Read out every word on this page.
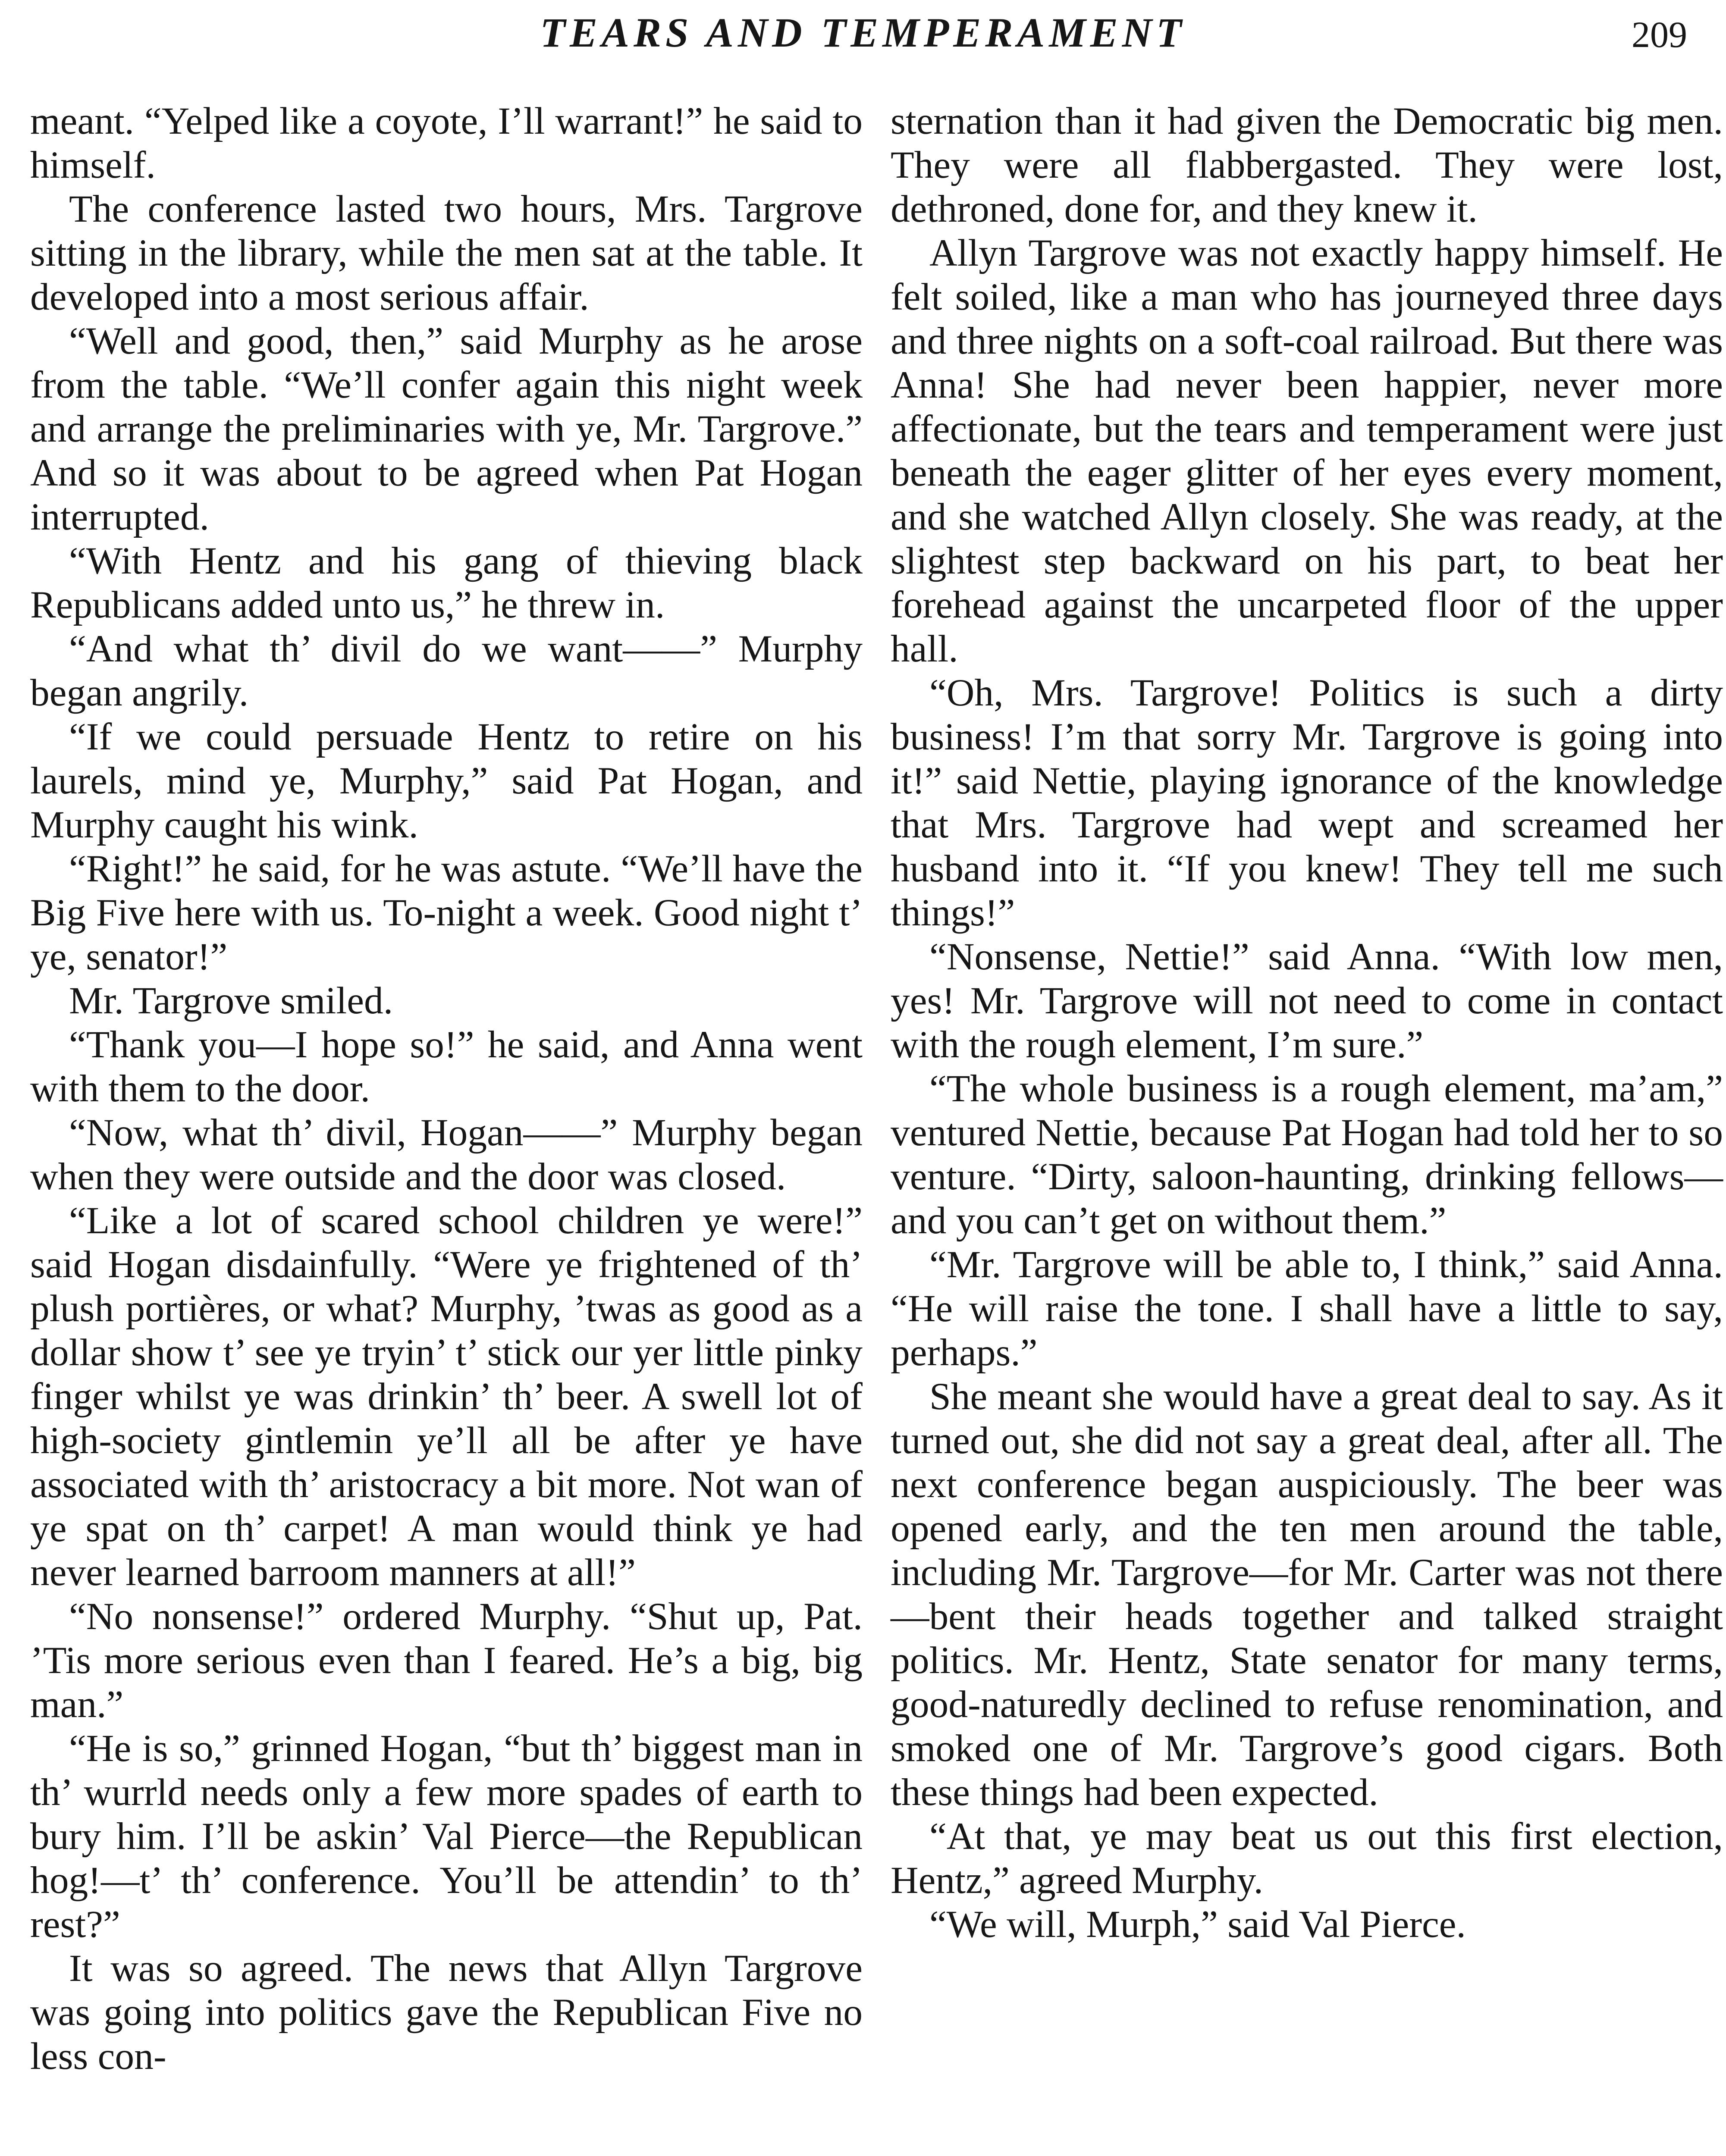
TEARS AND TEMPERAMENT	209

meant. “Yelped like a coyote, I’ll warrant!” he said to himself.

The conference lasted two hours, Mrs. Targrove sitting in the library, while the men sat at the table. It developed into a most serious affair.

“Well and good, then,” said Murphy as he arose from the table. “We’ll confer again this night week and arrange the preliminaries with ye, Mr. Targrove.” And so it was about to be agreed when Pat Hogan interrupted.

“With Hentz and his gang of thieving black Republicans added unto us,” he threw in.

“And what th’ divil do we want——” Murphy began angrily.

“If we could persuade Hentz to retire on his laurels, mind ye, Murphy,” said Pat Hogan, and Murphy caught his wink.

“Right!” he said, for he was astute. “We’ll have the Big Five here with us. To-night a week. Good night t’ ye, senator!”

Mr. Targrove smiled.

“Thank you—I hope so!” he said, and Anna went with them to the door.

“Now, what th’ divil, Hogan——” Murphy began when they were outside and the door was closed.

“Like a lot of scared school children ye were!” said Hogan disdainfully. “Were ye frightened of th’ plush portières, or what? Murphy, ’twas as good as a dollar show t’ see ye tryin’ t’ stick our yer little pinky finger whilst ye was drinkin’ th’ beer. A swell lot of high-society gintlemin ye’ll all be after ye have associated with th’ aristocracy a bit more. Not wan of ye spat on th’ carpet! A man would think ye had never learned barroom manners at all!”

“No nonsense!” ordered Murphy. “Shut up, Pat. ’Tis more serious even than I feared. He’s a big, big man.”

“He is so,” grinned Hogan, “but th’ biggest man in th’ wurrld needs only a few more spades of earth to bury him. I’ll be askin’ Val Pierce—the Republican hog!—t’ th’ conference. You’ll be attendin’ to th’ rest?”

It was so agreed. The news that Allyn Targrove was going into politics gave the Republican Five no less con-

sternation than it had given the Democratic big men. They were all flabbergasted. They were lost, dethroned, done for, and they knew it.

Allyn Targrove was not exactly happy himself. He felt soiled, like a man who has journeyed three days and three nights on a soft-coal railroad. But there was Anna! She had never been happier, never more affectionate, but the tears and temperament were just beneath the eager glitter of her eyes every moment, and she watched Allyn closely. She was ready, at the slightest step backward on his part, to beat her forehead against the uncarpeted floor of the upper hall.

“Oh, Mrs. Targrove! Politics is such a dirty business! I’m that sorry Mr. Targrove is going into it!” said Nettie, playing ignorance of the knowledge that Mrs. Targrove had wept and screamed her husband into it. “If you knew! They tell me such things!”

“Nonsense, Nettie!” said Anna. “With low men, yes! Mr. Targrove will not need to come in contact with the rough element, I’m sure.”

“The whole business is a rough element, ma’am,” ventured Nettie, because Pat Hogan had told her to so venture. “Dirty, saloon-haunting, drinking fellows—and you can’t get on without them.”

“Mr. Targrove will be able to, I think,” said Anna. “He will raise the tone. I shall have a little to say, perhaps.”

She meant she would have a great deal to say. As it turned out, she did not say a great deal, after all. The next conference began auspiciously. The beer was opened early, and the ten men around the table, including Mr. Targrove—for Mr. Carter was not there—bent their heads together and talked straight politics. Mr. Hentz, State senator for many terms, good-naturedly declined to refuse renomination, and smoked one of Mr. Targrove’s good cigars. Both these things had been expected.

“At that, ye may beat us out this first election, Hentz,” agreed Murphy.

“We will, Murph,” said Val Pierce.
